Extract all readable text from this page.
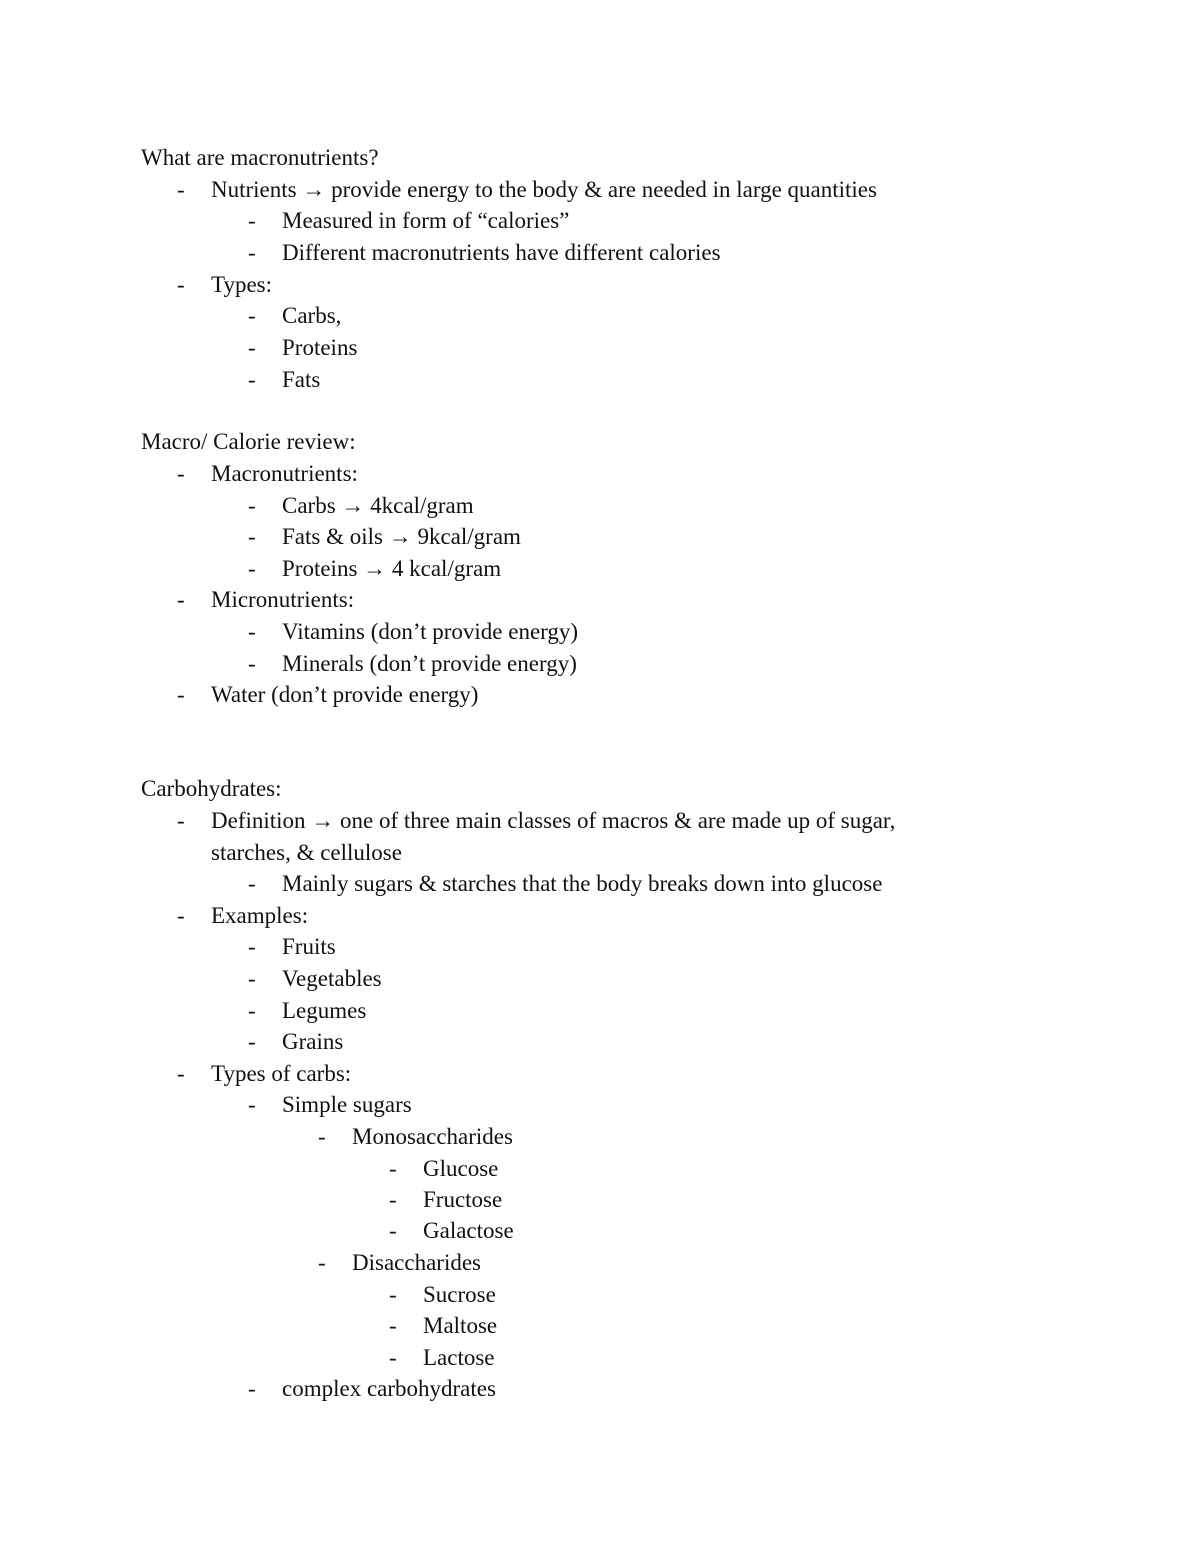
What are macronutrients?
- Nutrients → provide energy to the body & are needed in large quantities
- Measured in form of “calories”
- Different macronutrients have different calories
- Types:
- Carbs,
- Proteins
- Fats
Macro/ Calorie review:
- Macronutrients:
- Carbs → 4kcal/gram
- Fats & oils → 9kcal/gram
- Proteins → 4 kcal/gram
- Micronutrients:
- Vitamins (don’t provide energy)
- Minerals (don’t provide energy)
- Water (don’t provide energy)
Carbohydrates:
- Definition → one of three main classes of macros & are made up of sugar,
starches, & cellulose
- Mainly sugars & starches that the body breaks down into glucose
- Examples:
- Fruits
- Vegetables
- Legumes
- Grains
- Types of carbs:
- Simple sugars
- Monosaccharides
- Glucose
- Fructose
- Galactose
- Disaccharides
- Sucrose
- Maltose
- Lactose
- complex carbohydrates
